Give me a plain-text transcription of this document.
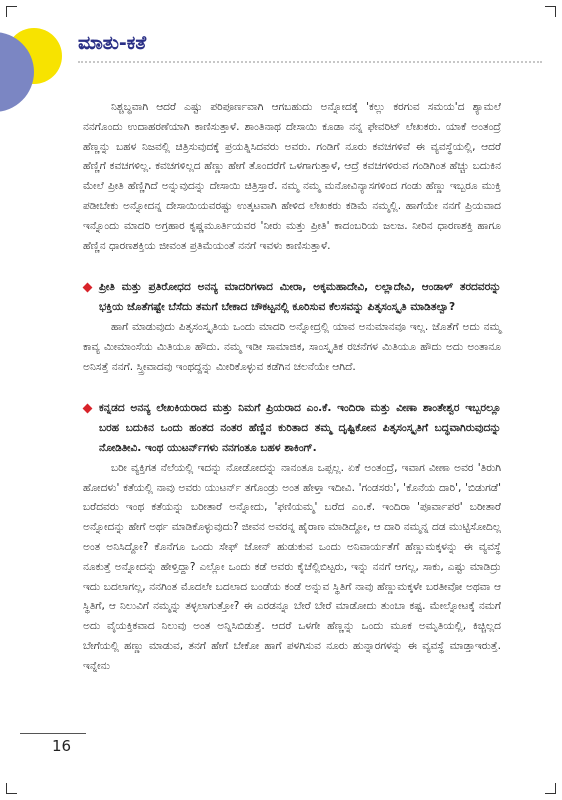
ಮಾತು-ಕತೆ

ನಿಶ್ಚಬ್ಧವಾಗಿ ಆದರೆ ಎಷ್ಟು ಪರಿಪೂರ್ಣವಾಗಿ ಆಗಬಹುದು ಅನ್ನೋದಕ್ಕೆ 'ಕಲ್ಲು ಕರಗುವ ಸಮಯ'ದ ಶ್ಯಾಮಲೆ ನನಗೊಂದು ಉದಾಹರಣೆಯಾಗಿ ಕಾಣಿಸುತ್ತಾಳೆ. ಶಾಂತಿನಾಥ ದೇಸಾಯಿ ಕೂಡಾ ನನ್ನ ಫೇವರಿಟ್ ಲೇಖಕರು. ಯಾಕೆ ಅಂತಂದ್ರೆ ಹೆಣ್ಣನ್ನು ಬಹಳ ನಿಜವಲ್ಲಿ ಚಿತ್ರಿಸುವುದಕ್ಕೆ ಪ್ರಯತ್ನಿಸಿದವರು ಅವರು. ಗಂಡಿಗೆ ನೂರು ಕವಚಗಳಿವೆ ಈ ವ್ಯವಸ್ಥೆಯಲ್ಲಿ, ಆದರೆ ಹೆಣ್ಣಿಗೆ ಕವಚಗಳಿಲ್ಲ. ಕವಚಗಳಿಲ್ಲದ ಹೆಣ್ಣು ಹೇಗೆ ತೊಂದರೆಗೆ ಒಳಗಾಗುತ್ತಾಳೆ, ಆದ್ರೆ ಕವಚಗಳಿರುವ ಗಂಡಿಗಿಂತ ಹೆಚ್ಚು ಬದುಕಿನ ಮೇಲೆ ಪ್ರೀತಿ ಹೆಣ್ಣಿಗಿದೆ ಅನ್ನುವುದನ್ನು ದೇಸಾಯಿ ಚಿತ್ರಿಸ್ತಾರೆ. ನಮ್ಮ ನಮ್ಮ ಮನೋವಿನ್ಯಾಸಗಳಿಂದ ಗಂಡು ಹೆಣ್ಣು ಇಬ್ಬರೂ ಮುಕ್ತಿ ಪಡೀಬೇಕು ಅನ್ನೋದನ್ನ ದೇಸಾಯಿಯವರಷ್ಟು ಉತ್ಕಟವಾಗಿ ಹೇಳಿದ ಲೇಖಕರು ಕಡಿಮೆ ನಮ್ಮಲ್ಲಿ. ಹಾಗೆಯೇ ನನಗೆ ಪ್ರಿಯವಾದ ಇನ್ನೊಂದು ಮಾದರಿ ಅಗ್ರಹಾರ ಕೃಷ್ಣಮೂರ್ತಿಯವರ 'ನೀರು ಮತ್ತು ಪ್ರೀತಿ' ಕಾದಂಬರಿಯ ಜಲಜ. ನೀರಿನ ಧಾರಣಶಕ್ತಿ ಹಾಗೂ ಹೆಣ್ಣಿನ ಧಾರಣಶಕ್ತಿಯ ಜೀವಂತ ಪ್ರತಿಮೆಯಂತೆ ನನಗೆ ಇವಳು ಕಾಣಿಸುತ್ತಾಳೆ.

ಪ್ರೀತಿ ಮತ್ತು ಪ್ರತಿರೋಧದ ಅನನ್ಯ ಮಾದರಿಗಳಾದ ಮೀರಾ, ಅಕ್ಕಮಹಾದೇವಿ, ಲಲ್ಲಾದೇವಿ, ಆಂಡಾಳ್ ತರದವರನ್ನು ಭಕ್ತಿಯ ಜೊತೆಗಷ್ಟೇ ಬೆಸೆದು ತಮಗೆ ಬೇಕಾದ ಚೌಕಟ್ಟನಲ್ಲಿ ಕೂರಿಸುವ ಕೆಲಸವನ್ನು ಪಿತೃಸಂಸ್ಕೃತಿ ಮಾಡಿತಲ್ವಾ?

ಹಾಗೆ ಮಾಡುವುದು ಪಿತೃಸಂಸ್ಕೃತಿಯ ಒಂದು ಮಾದರಿ ಅನ್ನೋದ್ರಲ್ಲಿ ಯಾವ ಅನುಮಾನವೂ ಇಲ್ಲ. ಜೊತೆಗೆ ಅದು ನಮ್ಮ ಕಾವ್ಯ ಮೀಮಾಂಸೆಯ ಮಿತಿಯೂ ಹೌದು. ನಮ್ಮ ಇಡೀ ಸಾಮಾಜಿಕ, ಸಾಂಸ್ಕೃತಿಕ ರಚನೆಗಳ ಮಿತಿಯೂ ಹೌದು ಅದು ಅಂತಾನೂ ಅನಿಸತ್ತೆ ನನಗೆ. ಸ್ತ್ರೀವಾದವು ಇಂಥದ್ದನ್ನು ಮೀರಿಕೊಳ್ಳುವ ಕಡೆಗಿನ ಚಲನೆಯೇ ಆಗಿದೆ.

ಕನ್ನಡದ ಅನನ್ಯ ಲೇಖಕಿಯರಾದ ಮತ್ತು ನಿಮಗೆ ಪ್ರಿಯರಾದ ಎಂ.ಕೆ. ಇಂದಿರಾ ಮತ್ತು ವೀಣಾ ಶಾಂತೇಶ್ವರ ಇಬ್ಬರಲ್ಲೂ ಬರಹ ಬದುಕಿನ ಒಂದು ಹಂತದ ನಂತರ ಹೆಣ್ಣಿನ ಕುರಿತಾದ ತಮ್ಮ ದೃಷ್ಟಿಕೋನ ಪಿತೃಸಂಸ್ಕೃತಿಗೆ ಬದ್ಧವಾಗಿರುವುದನ್ನು ನೋಡಿತೀವಿ. ಇಂಥ ಯುಟರ್ನ್‌ಗಳು ನನಗಂತೂ ಬಹಳ ಶಾಕಿಂಗ್.

ಬರೀ ವ್ಯಕ್ತಿಗತ ನೆಲೆಯಲ್ಲಿ ಇದನ್ನು ನೋಡೋದನ್ನು ನಾನಂತೂ ಒಪ್ಪಲ್ಲ. ಏಕೆ ಅಂತಂದ್ರೆ, ಇವಾಗ ವೀಣಾ ಅವರ 'ತಿರುಗಿ ಹೋದಳು' ಕತೆಯಲ್ಲಿ ನಾವು ಅವರು ಯುಟರ್ನ್ ತಗೊಂಡ್ರು ಅಂತ ಹೇಳ್ತಾ ಇದೀವಿ. 'ಗಂಡಸರು', 'ಕೊನೆಯ ದಾರಿ', 'ಬಿಡುಗಡೆ' ಬರೆದವರು ಇಂಥ ಕತೆಯನ್ನು ಬರೀತಾರೆ ಅನ್ನೋದು, 'ಫಣಿಯಮ್ಮ' ಬರೆದ ಎಂ.ಕೆ. ಇಂದಿರಾ 'ಪೂರ್ವಾಪರ' ಬರೀತಾರೆ ಅನ್ನೋದನ್ನು ಹೇಗೆ ಅರ್ಥ ಮಾಡಿಕೊಳ್ಳುವುದು? ಜೀವನ ಅವರನ್ನ ಹೈರಾಣ ಮಾಡಿದ್ದೋ, ಆ ದಾರಿ ನಮ್ಮನ್ನ ದಡ ಮುಟ್ಟಿಸೋದಿಲ್ಲ ಅಂತ ಅನಿಸಿದ್ದೋ? ಕೊನೆಗೂ ಒಂದು ಸೇಫ್ ಜೋನ್ ಹುಡುಕುವ ಒಂದು ಅನಿವಾರ್ಯತೆಗೆ ಹೆಣ್ಣುಮಕ್ಕಳನ್ನು ಈ ವ್ಯವಸ್ಥೆ ನೂಕುತ್ತೆ ಅನ್ನೋದನ್ನು ಹೇಳ್ತಿದ್ದಾ? ಎಲ್ಲೋ ಒಂದು ಕಡೆ ಅವರು ಕೈಚೆಲ್ಲಿಬಿಟ್ಟರು, ಇನ್ನು ನನಗೆ ಆಗಲ್ಲ, ಸಾಕು, ಎಷ್ಟು ಮಾಡಿದ್ರು ಇದು ಬದಲಾಗಲ್ಲ, ನನಗಿಂತ ಮೊದಲೇ ಬದಲಾದ ಬಂಡೆಯ ಕಂಡೆ ಅನ್ನುವ ಸ್ಥಿತಿಗೆ ನಾವು ಹೆಣ್ಣುಮಕ್ಕಳೇ ಬರತೀವೋ ಅಥವಾ ಆ ಸ್ಥಿತಿಗೆ, ಆ ನಿಲುವಿಗೆ ನಮ್ಮನ್ನು ತಳ್ಳಲಾಗುತ್ತೋ? ಈ ಎರಡನ್ನೂ ಬೇರೆ ಬೇರೆ ಮಾಡೋದು ತುಂಬಾ ಕಷ್ಟ. ಮೇಲ್ನೋಟಕ್ಕೆ ನಮಗೆ ಅದು ವೈಯಕ್ತಿಕವಾದ ನಿಲುವು ಅಂತ ಅನ್ನಿಸಿಬಿಡುತ್ತೆ. ಆದರೆ ಒಳಗೇ ಹೆಣ್ಣನ್ನು ಒಂದು ಮೂಕ ಅಮೃತಿಯಲ್ಲಿ, ಕಿಚ್ಚಿಲ್ಲದ ಬೇಗೆಯಲ್ಲಿ ಹಣ್ಣು ಮಾಡುವ, ತನಗೆ ಹೇಗೆ ಬೇಕೋ ಹಾಗೆ ಪಳಗಿಸುವ ನೂರು ಹುನ್ನಾರಗಳನ್ನು ಈ ವ್ಯವಸ್ಥೆ ಮಾಡ್ತಾಇರುತ್ತೆ. ಇನ್ನೇನು

16
